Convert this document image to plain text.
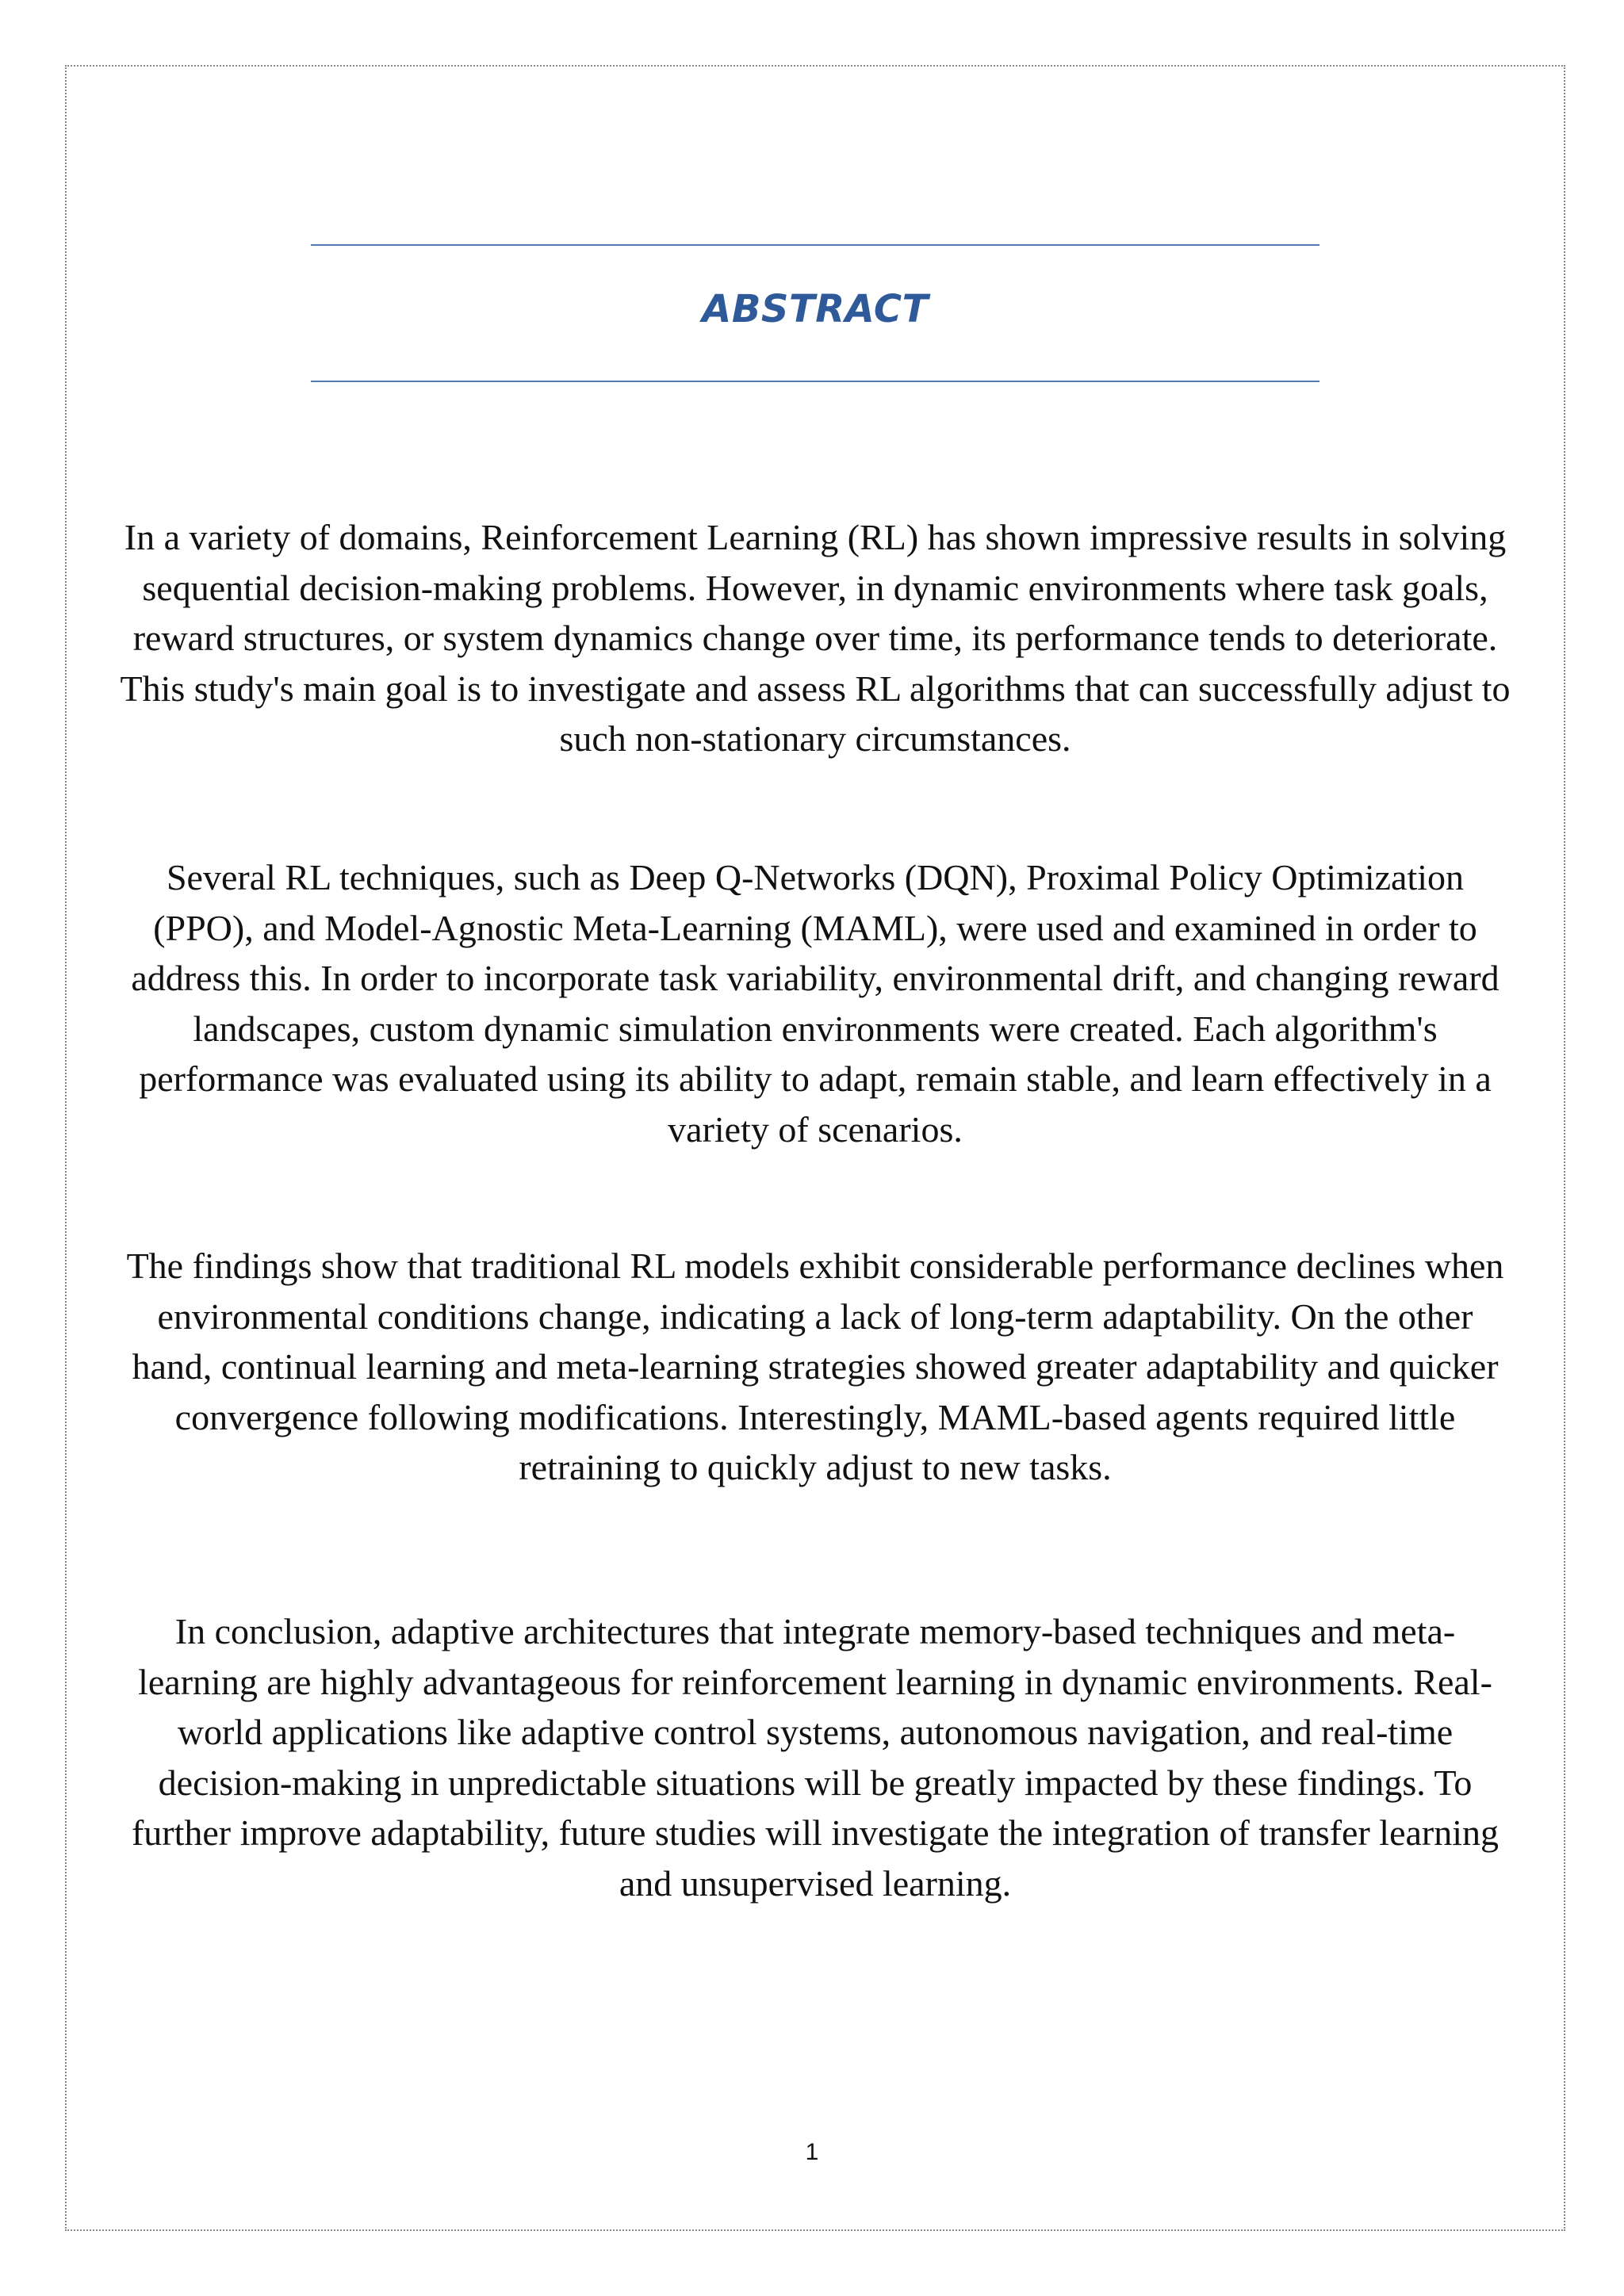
ABSTRACT

In a variety of domains, Reinforcement Learning (RL) has shown impressive results in solving sequential decision-making problems. However, in dynamic environments where task goals, reward structures, or system dynamics change over time, its performance tends to deteriorate. This study's main goal is to investigate and assess RL algorithms that can successfully adjust to such non-stationary circumstances.

Several RL techniques, such as Deep Q-Networks (DQN), Proximal Policy Optimization (PPO), and Model-Agnostic Meta-Learning (MAML), were used and examined in order to address this. In order to incorporate task variability, environmental drift, and changing reward landscapes, custom dynamic simulation environments were created. Each algorithm's performance was evaluated using its ability to adapt, remain stable, and learn effectively in a variety of scenarios.

The findings show that traditional RL models exhibit considerable performance declines when environmental conditions change, indicating a lack of long-term adaptability. On the other hand, continual learning and meta-learning strategies showed greater adaptability and quicker convergence following modifications. Interestingly, MAML-based agents required little retraining to quickly adjust to new tasks.

In conclusion, adaptive architectures that integrate memory-based techniques and meta-learning are highly advantageous for reinforcement learning in dynamic environments. Real-world applications like adaptive control systems, autonomous navigation, and real-time decision-making in unpredictable situations will be greatly impacted by these findings. To further improve adaptability, future studies will investigate the integration of transfer learning and unsupervised learning.

1
